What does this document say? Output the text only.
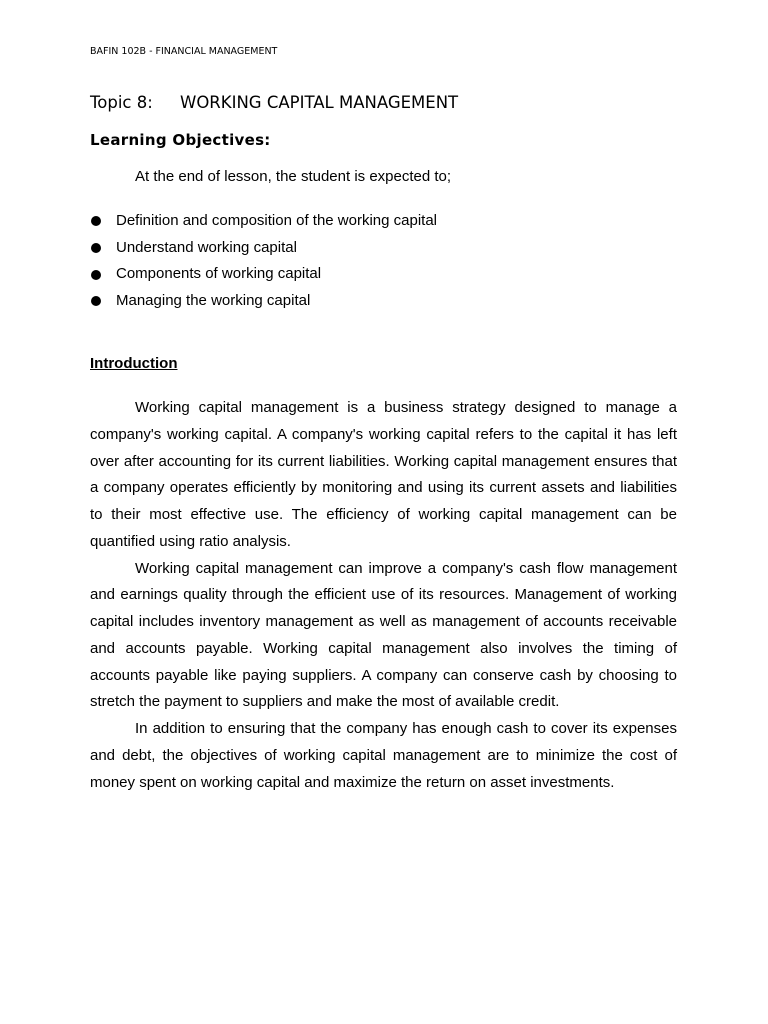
BAFIN 102B - FINANCIAL MANAGEMENT
Topic 8: WORKING CAPITAL MANAGEMENT
Learning Objectives:
At the end of lesson, the student is expected to;
Definition and composition of the working capital
Understand working capital
Components of working capital
Managing the working capital
Introduction

Working capital management is a business strategy designed to manage a company's working capital. A company's working capital refers to the capital it has left over after accounting for its current liabilities. Working capital management ensures that a company operates efficiently by monitoring and using its current assets and liabilities to their most effective use. The efficiency of working capital management can be quantified using ratio analysis.

Working capital management can improve a company's cash flow management and earnings quality through the efficient use of its resources. Management of working capital includes inventory management as well as management of accounts receivable and accounts payable. Working capital management also involves the timing of accounts payable like paying suppliers. A company can conserve cash by choosing to stretch the payment to suppliers and make the most of available credit.

In addition to ensuring that the company has enough cash to cover its expenses and debt, the objectives of working capital management are to minimize the cost of money spent on working capital and maximize the return on asset investments.
